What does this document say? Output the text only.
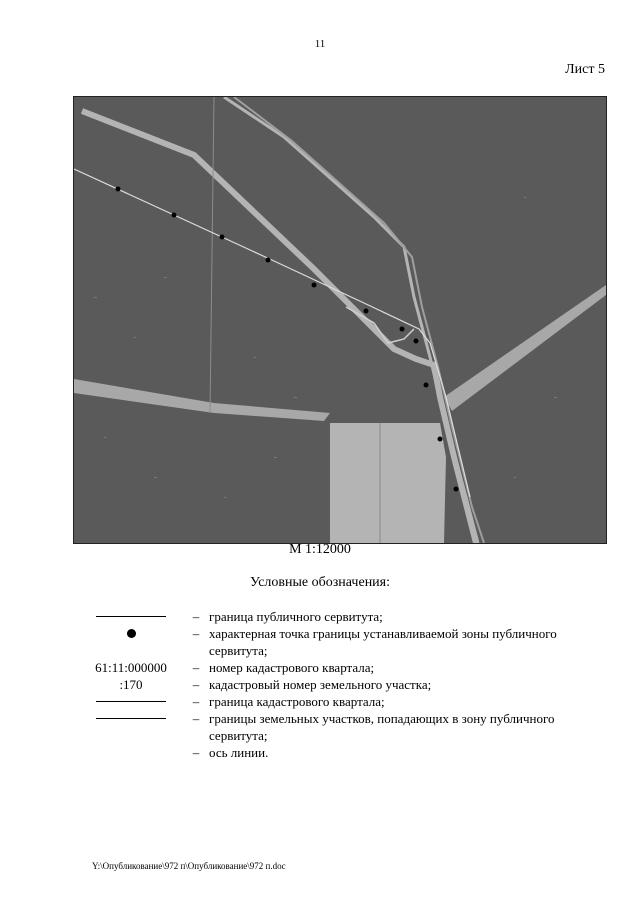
11
Лист 5
М 1:12000
Условные обозначения:
– граница публичного сервитута;
– характерная точка границы устанавливаемой зоны публичного сервитута;
61:11:000000	– номер кадастрового квартала;
:170	– кадастровый номер земельного участка;
– граница кадастрового квартала;
– границы земельных участков, попадающих в зону публичного сервитута;
– ось линии.
Y:\Опубликование\972 п\Опубликование\972 п.doc
